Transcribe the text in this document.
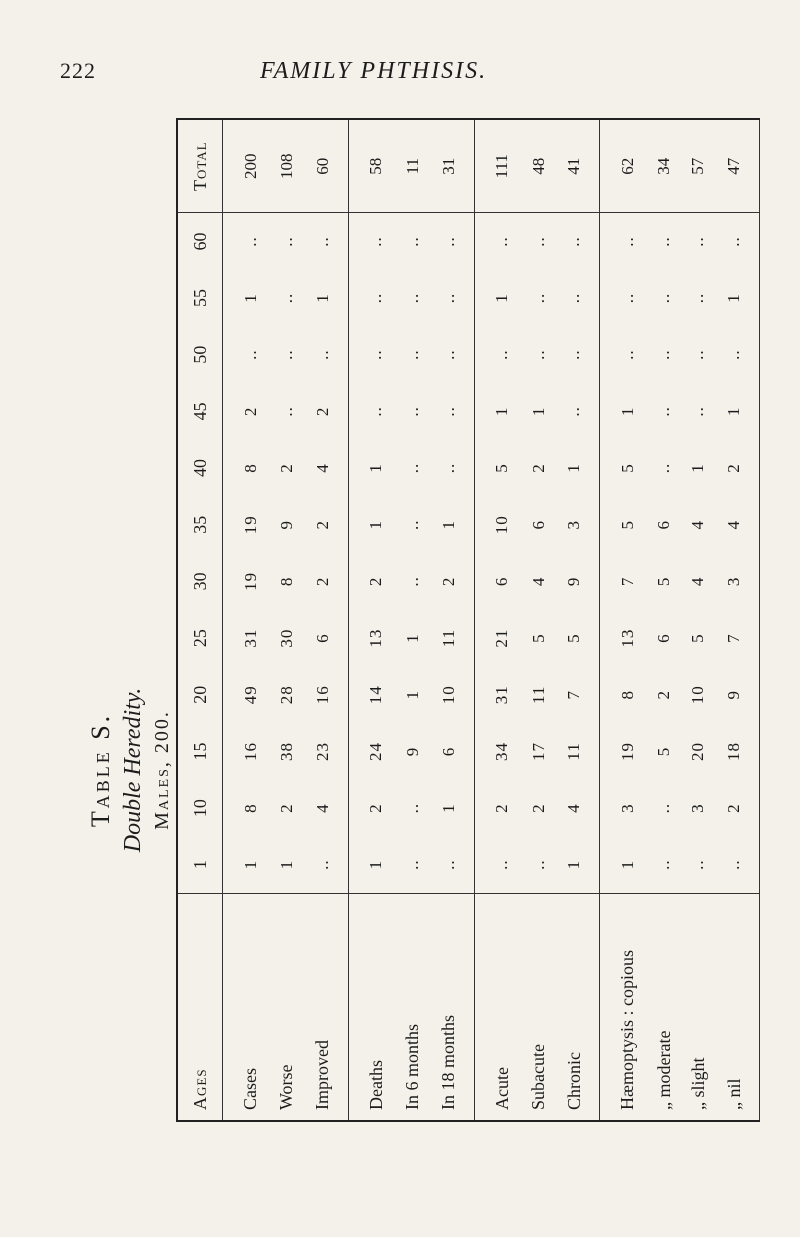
222	FAMILY PHTHISIS.
Table S. Double Heredity. Males, 200.
Ages	1	10	15	20	25	30	35	40	45	50	55	60	Total
Cases	1	8	16	49	31	19	19	8	2	..	1	..	200
Worse	1	2	38	28	30	8	9	2	..	..	..	..	108
Improved	..	4	23	16	6	2	2	4	2	..	1	..	60
Deaths	1	2	24	14	13	2	1	1	..	..	..	..	58
In 6 months	..	..	9	1	1	..	..	..	..	..	..	..	11
In 18 months	..	1	6	10	11	2	1	..	..	..	..	..	31
Acute	..	2	34	31	21	6	10	5	1	..	1	..	111
Subacute	..	2	17	11	5	4	6	2	1	..	..	..	48
Chronic	1	4	11	7	5	9	3	1	..	..	..	..	41
Hæmoptysis : copious	1	3	19	8	13	7	5	5	1	..	..	..	62
„ moderate	..	..	5	2	6	5	6	..	..	..	..	..	34
„ slight	..	3	20	10	5	4	4	1	..	..	..	..	57
„ nil	..	2	18	9	7	3	4	2	1	..	1	..	47
